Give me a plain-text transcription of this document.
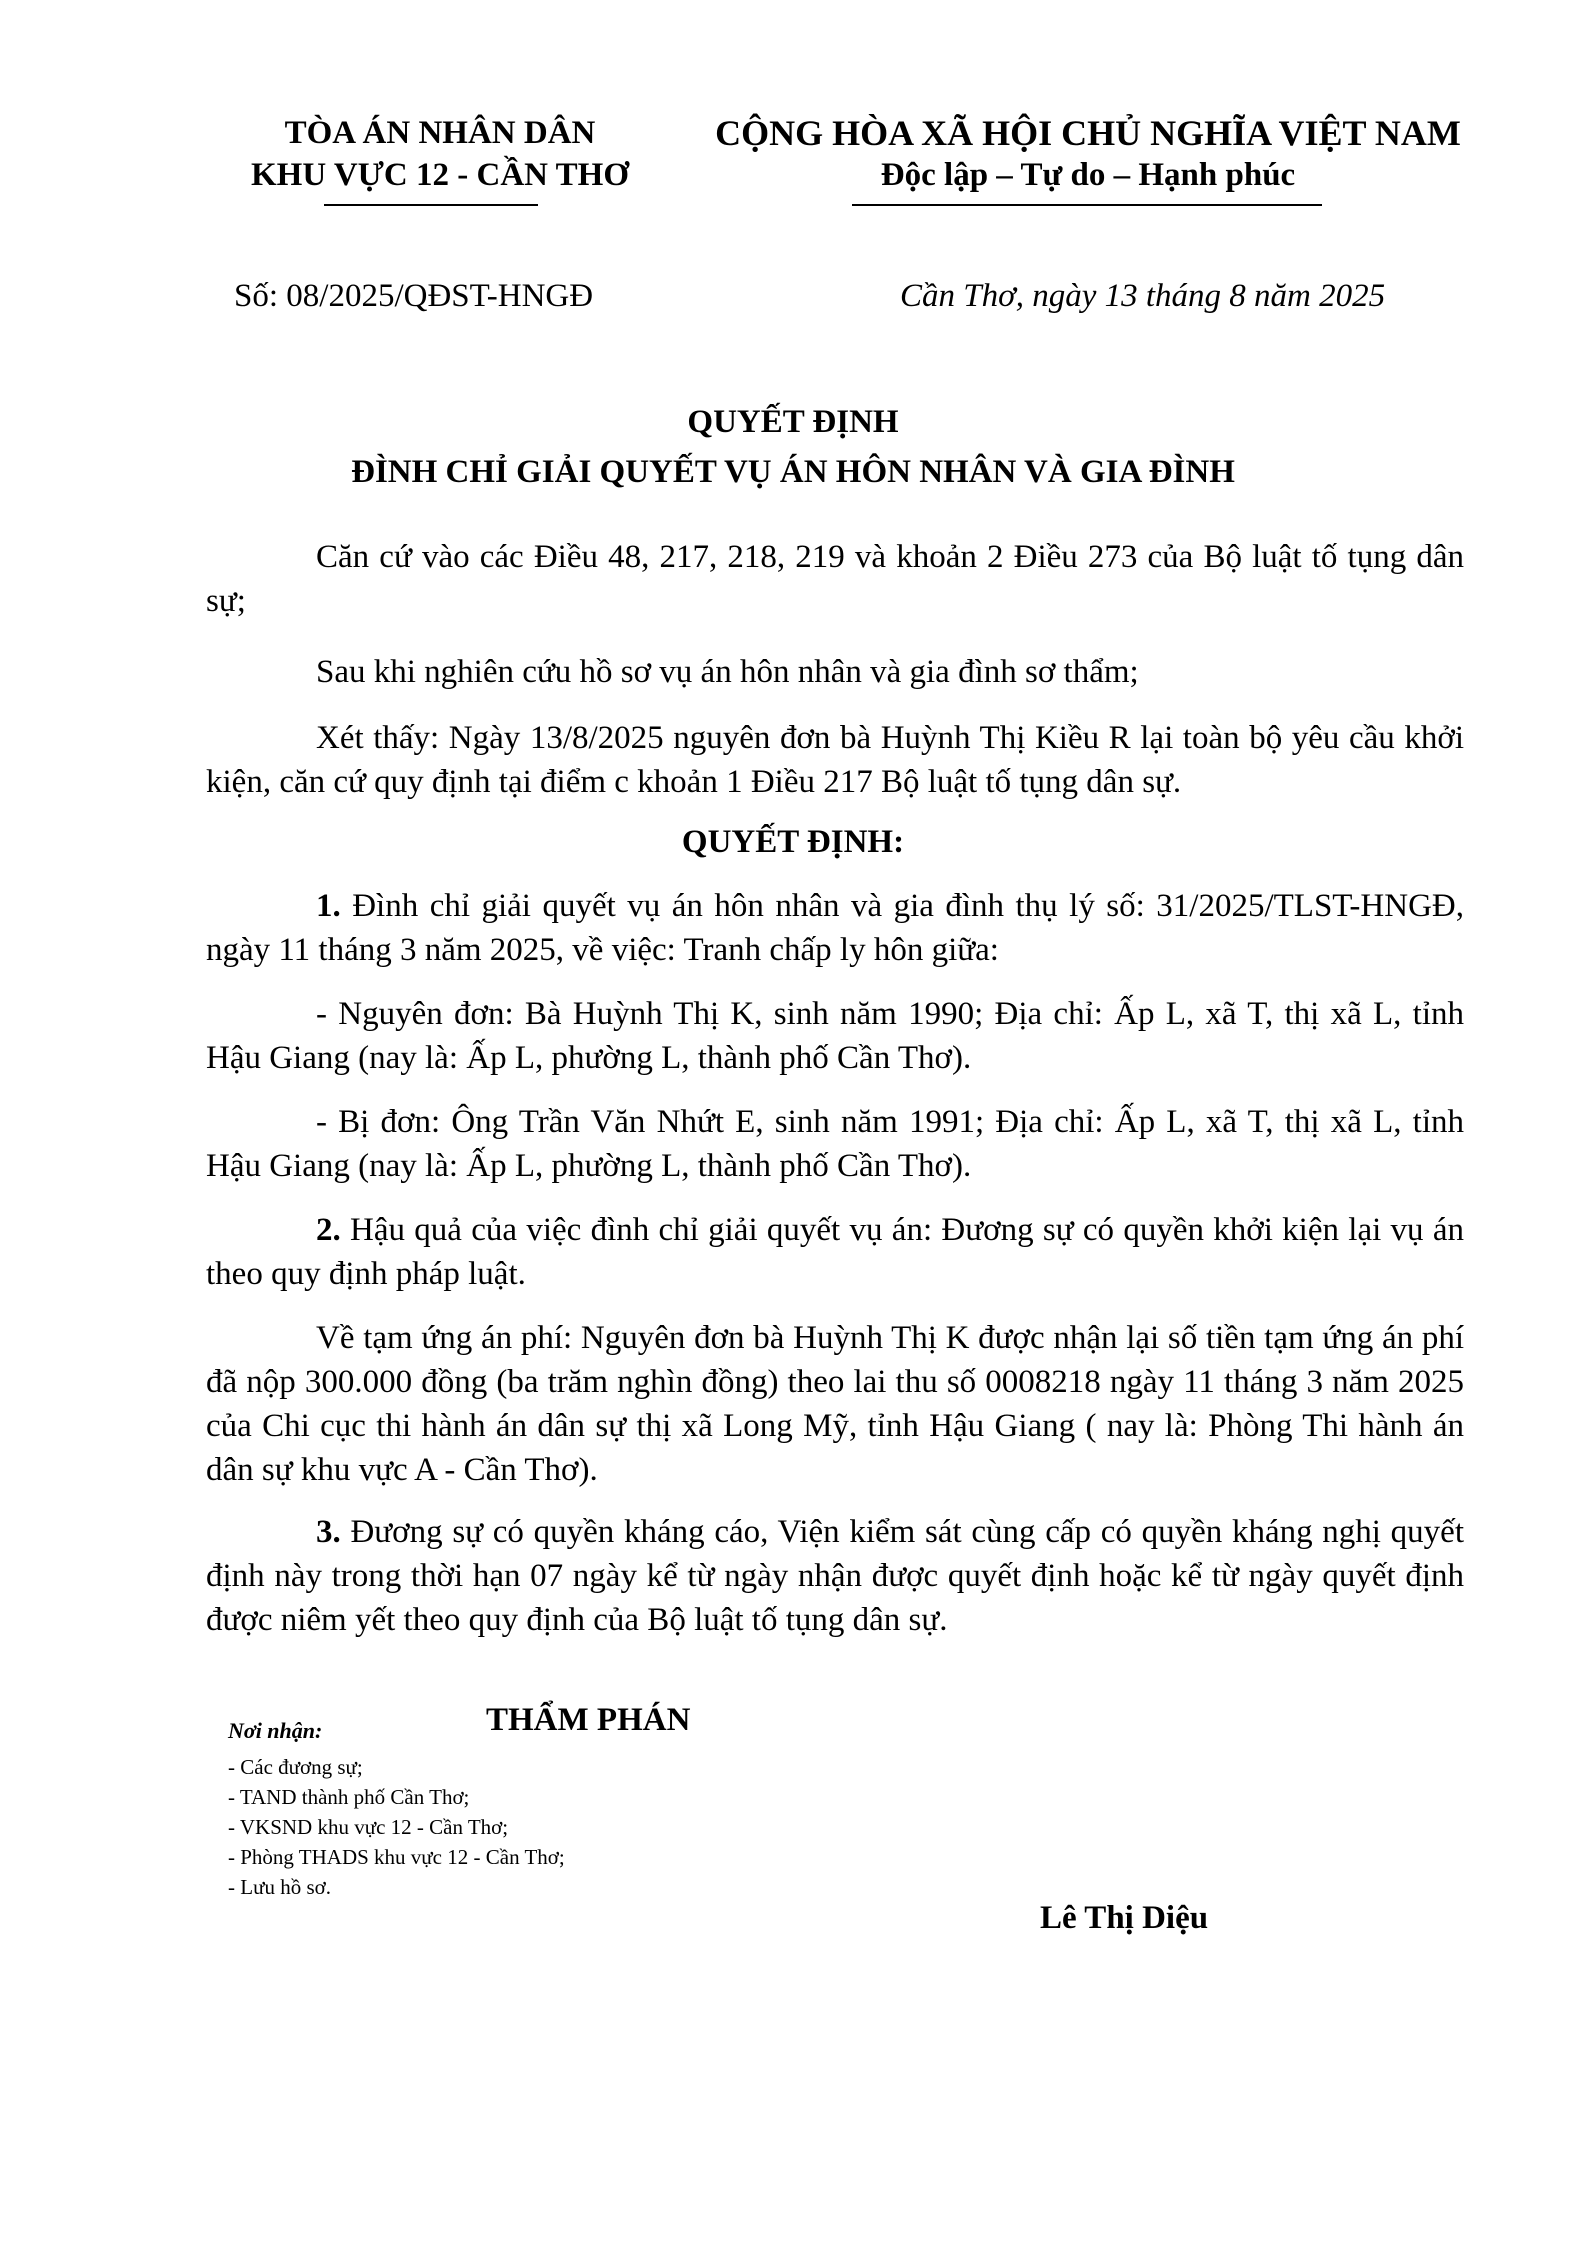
TÒA ÁN NHÂN DÂN
KHU VỰC 12 - CẦN THƠ
CỘNG HÒA XÃ HỘI CHỦ NGHĨA VIỆT NAM
Độc lập – Tự do – Hạnh phúc
Số: 08/2025/QĐST-HNGĐ	Cần Thơ, ngày 13 tháng 8 năm 2025
QUYẾT ĐỊNH
ĐÌNH CHỈ GIẢI QUYẾT VỤ ÁN HÔN NHÂN VÀ GIA ĐÌNH

Căn cứ vào các Điều 48, 217, 218, 219 và khoản 2 Điều 273 của Bộ luật tố tụng dân sự;

Sau khi nghiên cứu hồ sơ vụ án hôn nhân và gia đình sơ thẩm;

Xét thấy: Ngày 13/8/2025 nguyên đơn bà Huỳnh Thị Kiều R lại toàn bộ yêu cầu khởi kiện, căn cứ quy định tại điểm c khoản 1 Điều 217 Bộ luật tố tụng dân sự.

QUYẾT ĐỊNH:

1. Đình chỉ giải quyết vụ án hôn nhân và gia đình thụ lý số: 31/2025/TLST-HNGĐ, ngày 11 tháng 3 năm 2025, về việc: Tranh chấp ly hôn giữa:

- Nguyên đơn: Bà Huỳnh Thị K, sinh năm 1990; Địa chỉ: Ấp L, xã T, thị xã L, tỉnh Hậu Giang (nay là: Ấp L, phường L, thành phố Cần Thơ).

- Bị đơn: Ông Trần Văn Nhứt E, sinh năm 1991; Địa chỉ: Ấp L, xã T, thị xã L, tỉnh Hậu Giang (nay là: Ấp L, phường L, thành phố Cần Thơ).

2. Hậu quả của việc đình chỉ giải quyết vụ án: Đương sự có quyền khởi kiện lại vụ án theo quy định pháp luật.

Về tạm ứng án phí: Nguyên đơn bà Huỳnh Thị K được nhận lại số tiền tạm ứng án phí đã nộp 300.000 đồng (ba trăm nghìn đồng) theo lai thu số 0008218 ngày 11 tháng 3 năm 2025 của Chi cục thi hành án dân sự thị xã Long Mỹ, tỉnh Hậu Giang ( nay là: Phòng Thi hành án dân sự khu vực A - Cần Thơ).

3. Đương sự có quyền kháng cáo, Viện kiểm sát cùng cấp có quyền kháng nghị quyết định này trong thời hạn 07 ngày kể từ ngày nhận được quyết định hoặc kể từ ngày quyết định được niêm yết theo quy định của Bộ luật tố tụng dân sự.

Nơi nhận:	THẨM PHÁN
- Các đương sự;
- TAND thành phố Cần Thơ;
- VKSND khu vực 12 - Cần Thơ;
- Phòng THADS khu vực 12 - Cần Thơ;
- Lưu hồ sơ.
Lê Thị Diệu
